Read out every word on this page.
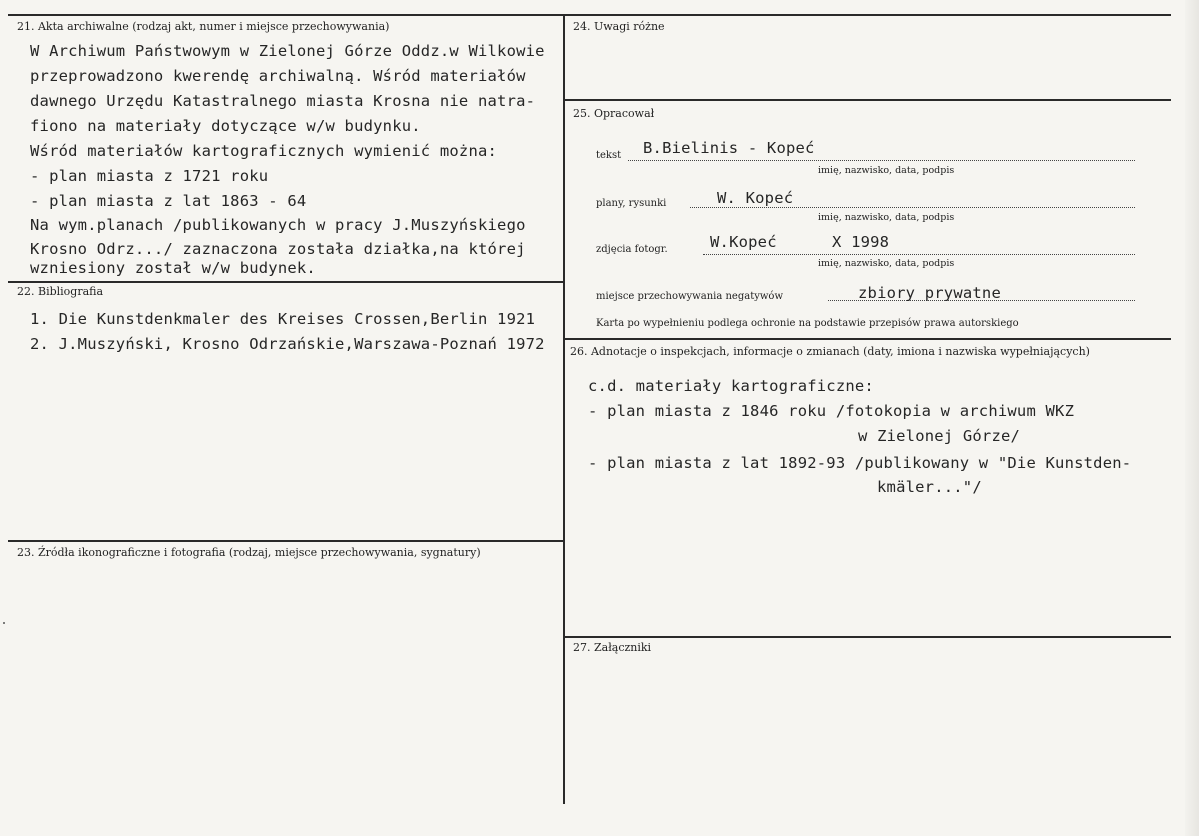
21. Akta archiwalne (rodzaj akt, numer i miejsce przechowywania)
W Archiwum Państwowym w Zielonej Górze Oddz.w Wilkowie
przeprowadzono kwerendę archiwalną. Wśród materiałów
dawnego Urzędu Katastralnego miasta Krosna nie natra-
fiono na materiały dotyczące w/w budynku.
Wśród materiałów kartograficznych wymienić można:
- plan miasta z 1721 roku
- plan miasta z lat 1863 - 64
Na wym.planach /publikowanych w pracy J.Muszyńskiego
Krosno Odrz.../ zaznaczona została działka,na której
wzniesiony został w/w budynek.
22. Bibliografia
1. Die Kunstdenkmaler des Kreises Crossen,Berlin 1921
2. J.Muszyński, Krosno Odrzańskie,Warszawa-Poznań 1972
23. Źródła ikonograficzne i fotografia (rodzaj, miejsce przechowywania, sygnatury)
24. Uwagi różne
25. Opracował
tekst B.Bielinis - Kopeć
imię, nazwisko, data, podpis
plany, rysunki	W. Kopeć
imię, nazwisko, data, podpis
zdjęcia fotogr.	W.Kopeć	X 1998
imię, nazwisko, data, podpis
miejsce przechowywania negatywów	zbiory prywatne
Karta po wypełnieniu podlega ochronie na podstawie przepisów prawa autorskiego
26. Adnotacje o inspekcjach, informacje o zmianach (daty, imiona i nazwiska wypełniających)
c.d. materiały kartograficzne:
- plan miasta z 1846 roku /fotokopia w archiwum WKZ
w Zielonej Górze/
- plan miasta z lat 1892-93 /publikowany w "Die Kunstden-
kmäler..."/
27. Załączniki
